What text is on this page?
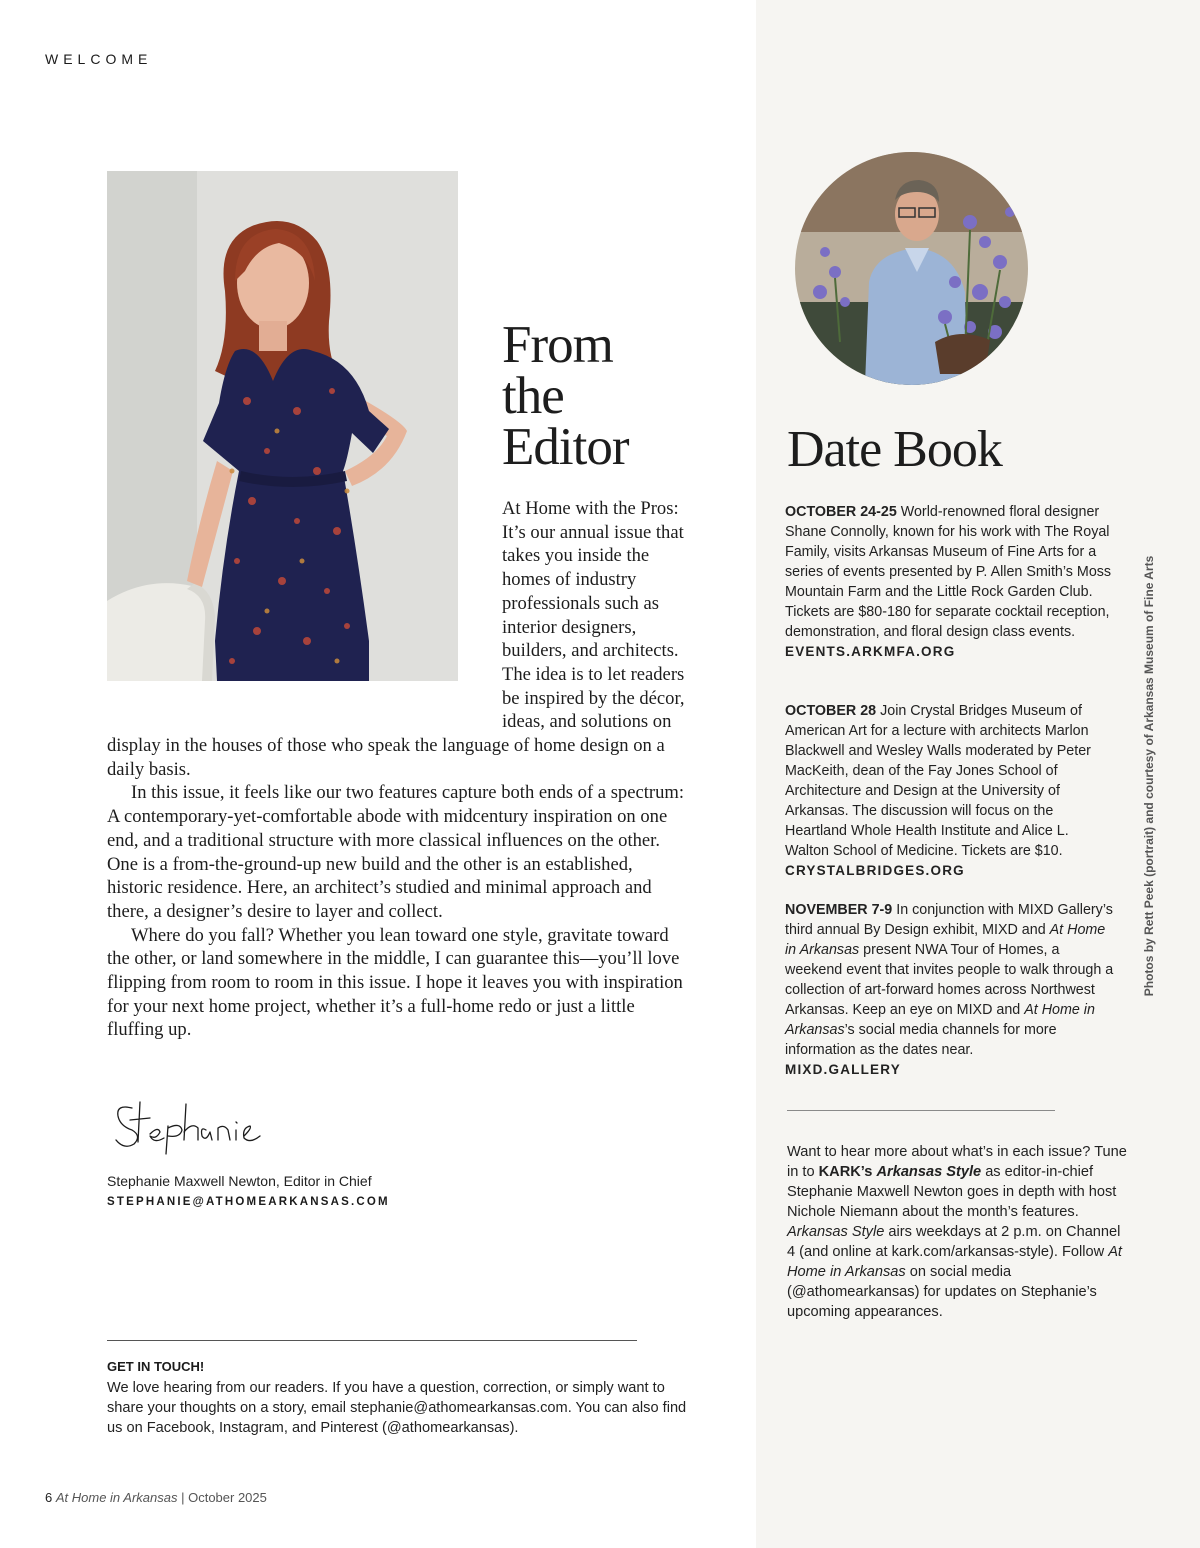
WELCOME
From
the
Editor

At Home with the Pros: It’s our annual issue that takes you inside the homes of industry professionals such as interior designers, builders, and architects. The idea is to let readers be inspired by the décor, ideas, and solutions on display in the houses of those who speak the language of home design on a daily basis.

In this issue, it feels like our two features capture both ends of a spectrum: A contemporary-yet-comfortable abode with midcentury inspiration on one end, and a traditional structure with more classical influences on the other. One is a from-the-ground-up new build and the other is an established, historic residence. Here, an architect’s studied and minimal approach and there, a designer’s desire to layer and collect.

Where do you fall? Whether you lean toward one style, gravitate toward the other, or land somewhere in the middle, I can guarantee this—you’ll love flipping from room to room in this issue. I hope it leaves you with inspiration for your next home project, whether it’s a full-home redo or just a little fluffing up.

Stephanie Maxwell Newton, Editor in Chief
STEPHANIE@ATHOMEARKANSAS.COM
GET IN TOUCH!
We love hearing from our readers. If you have a question, correction, or simply want to share your thoughts on a story, email stephanie@athomearkansas.com. You can also find us on Facebook, Instagram, and Pinterest (@athomearkansas).
6 At Home in Arkansas | October 2025
Date Book
OCTOBER 24-25 World-renowned floral designer Shane Connolly, known for his work with The Royal Family, visits Arkansas Museum of Fine Arts for a series of events presented by P. Allen Smith’s Moss Mountain Farm and the Little Rock Garden Club. Tickets are $80-180 for separate cocktail reception, demonstration, and floral design class events.
EVENTS.ARKMFA.ORG
OCTOBER 28 Join Crystal Bridges Museum of American Art for a lecture with architects Marlon Blackwell and Wesley Walls moderated by Peter MacKeith, dean of the Fay Jones School of Architecture and Design at the University of Arkansas. The discussion will focus on the Heartland Whole Health Institute and Alice L. Walton School of Medicine. Tickets are $10.
CRYSTALBRIDGES.ORG
NOVEMBER 7-9 In conjunction with MIXD Gallery’s third annual By Design exhibit, MIXD and At Home in Arkansas present NWA Tour of Homes, a weekend event that invites people to walk through a collection of art-forward homes across Northwest Arkansas. Keep an eye on MIXD and At Home in Arkansas’s social media channels for more information as the dates near.
MIXD.GALLERY
Want to hear more about what’s in each issue? Tune in to KARK’s Arkansas Style as editor-in-chief Stephanie Maxwell Newton goes in depth with host Nichole Niemann about the month’s features. Arkansas Style airs weekdays at 2 p.m. on Channel 4 (and online at kark.com/arkansas-style). Follow At Home in Arkansas on social media (@athomearkansas) for updates on Stephanie’s upcoming appearances.
Photos by Rett Peek (portrait) and courtesy of Arkansas Museum of Fine Arts
